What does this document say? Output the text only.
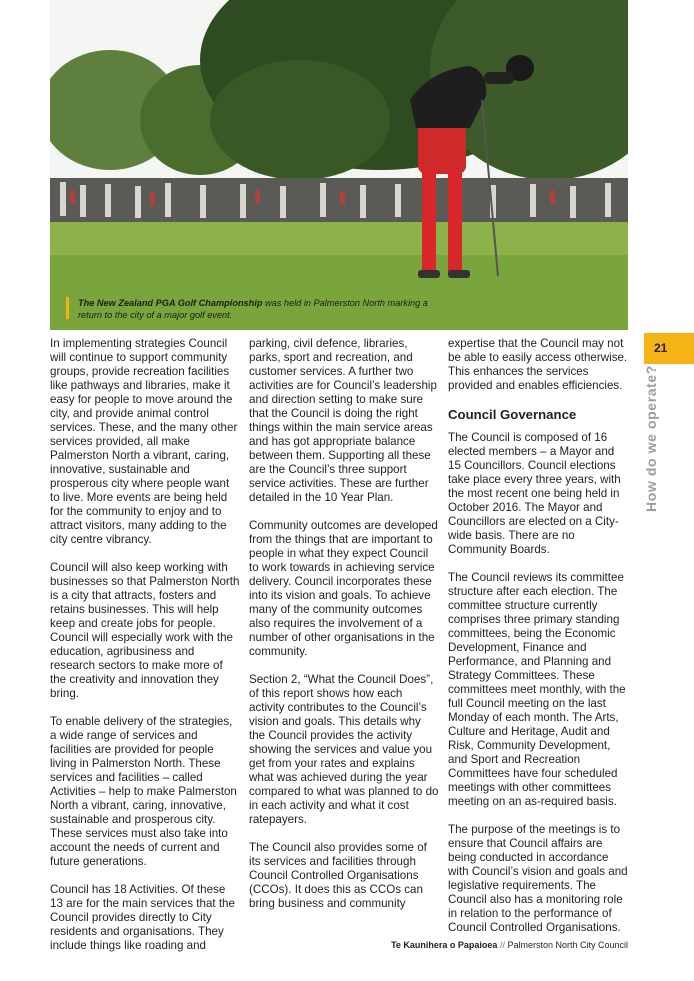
The New Zealand PGA Golf Championship was held in Palmerston North marking a return to the city of a major golf event.

In implementing strategies Council will continue to support community groups, provide recreation facilities like pathways and libraries, make it easy for people to move around the city, and provide animal control services. These, and the many other services provided, all make Palmerston North a vibrant, caring, innovative, sustainable and prosperous city where people want to live. More events are being held for the community to enjoy and to attract visitors, many adding to the city centre vibrancy.

Council will also keep working with businesses so that Palmerston North is a city that attracts, fosters and retains businesses. This will help keep and create jobs for people. Council will especially work with the education, agribusiness and research sectors to make more of the creativity and innovation they bring.

To enable delivery of the strategies, a wide range of services and facilities are provided for people living in Palmerston North. These services and facilities – called Activities – help to make Palmerston North a vibrant, caring, innovative, sustainable and prosperous city. These services must also take into account the needs of current and future generations.

Council has 18 Activities. Of these 13 are for the main services that the Council provides directly to City residents and organisations. They include things like roading and

parking, civil defence, libraries, parks, sport and recreation, and customer services. A further two activities are for Council’s leadership and direction setting to make sure that the Council is doing the right things within the main service areas and has got appropriate balance between them. Supporting all these are the Council’s three support service activities. These are further detailed in the 10 Year Plan.

Community outcomes are developed from the things that are important to people in what they expect Council to work towards in achieving service delivery. Council incorporates these into its vision and goals. To achieve many of the community outcomes also requires the involvement of a number of other organisations in the community.

Section 2, “What the Council Does”, of this report shows how each activity contributes to the Council’s vision and goals. This details why the Council provides the activity showing the services and value you get from your rates and explains what was achieved during the year compared to what was planned to do in each activity and what it cost ratepayers.

The Council also provides some of its services and facilities through Council Controlled Organisations (CCOs). It does this as CCOs can bring business and community

expertise that the Council may not be able to easily access otherwise. This enhances the services provided and enables efficiencies.

Council Governance

The Council is composed of 16 elected members – a Mayor and 15 Councillors. Council elections take place every three years, with the most recent one being held in October 2016. The Mayor and Councillors are elected on a City-wide basis. There are no Community Boards.

The Council reviews its committee structure after each election. The committee structure currently comprises three primary standing committees, being the Economic Development, Finance and Performance, and Planning and Strategy Committees. These committees meet monthly, with the full Council meeting on the last Monday of each month. The Arts, Culture and Heritage, Audit and Risk, Community Development, and Sport and Recreation Committees have four scheduled meetings with other committees meeting on an as-required basis.

The purpose of the meetings is to ensure that Council affairs are being conducted in accordance with Council’s vision and goals and legislative requirements. The Council also has a monitoring role in relation to the performance of Council Controlled Organisations.

21
How do we operate?
Te Kaunihera o Papaioea // Palmerston North City Council
